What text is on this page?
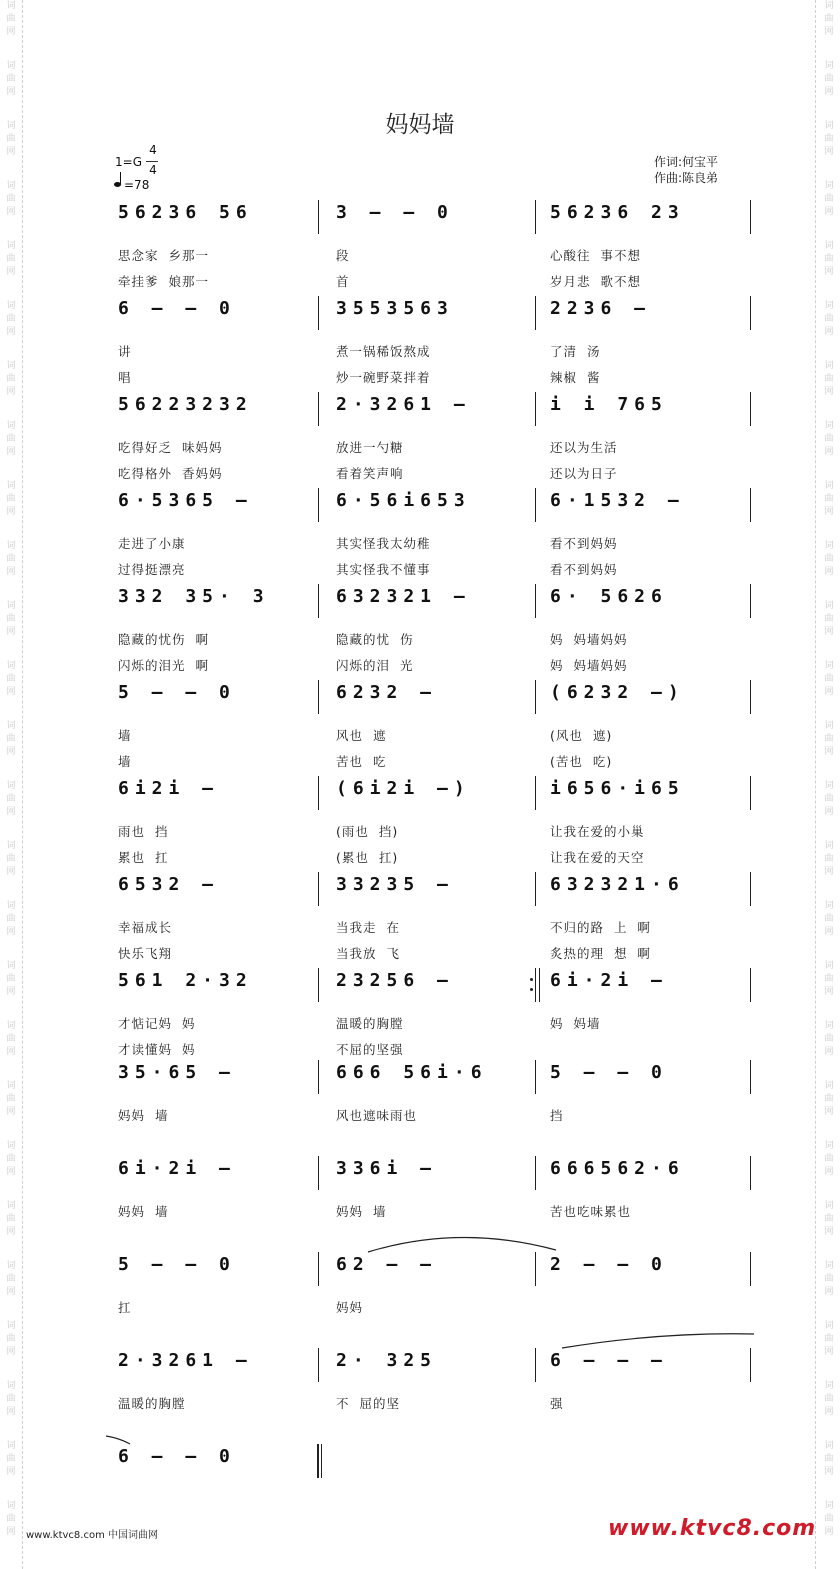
词
曲
网
词
曲
网
词
曲
网
词
曲
网
词
曲
网
词
曲
网
词
曲
网
词
曲
网
词
曲
网
词
曲
网
词
曲
网
词
曲
网
词
曲
网
词
曲
网
词
曲
网
词
曲
网
词
曲
网
词
曲
网
词
曲
网
词
曲
网
词
曲
网
词
曲
网
词
曲
网
词
曲
网
词
曲
网
词
曲
网
词
曲
网
词
曲
网
词
曲
网
词
曲
网
词
曲
网
词
曲
网
词
曲
网
词
曲
网
词
曲
网
词
曲
网
词
曲
网
词
曲
网
词
曲
网
词
曲
网
词
曲
网
词
曲
网
词
曲
网
词
曲
网
词
曲
网
词
曲
网
词
曲
网
词
曲
网
词
曲
网
词
曲
网
词
曲
网
词
曲
网
妈妈墙
1=G
4
4
=78
作词:何宝平
作曲:陈良弟
56236 56
思念家  乡那一
牵挂爹  娘那一
3 – – 0
段
首
56236 23
心酸往  事不想
岁月悲  歌不想
6 – – 0
讲
唱
3553563
煮一锅稀饭熬成
炒一碗野菜拌着
2236 –
了清  汤
辣椒  酱
56223232
吃得好乏  味妈妈
吃得格外  香妈妈
2·3261 –
放进一勺糖
看着笑声响
i i 765
还以为生活
还以为日子
6·5365 –
走进了小康
过得挺漂亮
6·56i653
其实怪我太幼稚
其实怪我不懂事
6·1532 –
看不到妈妈
看不到妈妈
332 35· 3
隐藏的忧伤  啊
闪烁的泪光  啊
632321 –
隐藏的忧  伤
闪烁的泪  光
6· 5626
妈  妈墙妈妈
妈  妈墙妈妈
5 – – 0
墙
墙
6232 –
风也  遮
苦也  吃
(6232 –)
(风也  遮)
(苦也  吃)
6i2i –
雨也  挡
累也  扛
(6i2i –)
(雨也  挡)
(累也  扛)
i656·i65
让我在爱的小巢
让我在爱的天空
6532 –
幸福成长
快乐飞翔
33235 –
当我走  在
当我放  飞
632321·6
不归的路  上  啊
炙热的理  想  啊
561 2·32
才惦记妈  妈
才读懂妈  妈
23256 –
温暖的胸膛
不屈的坚强
6i·2i –
妈  妈墙
35·65 –
妈妈  墙
666 56i·6
风也遮味雨也
5 – – 0
挡
6i·2i –
妈妈  墙
336i –
妈妈  墙
666562·6
苦也吃味累也
5 – – 0
扛
62 – –
妈妈
2 – – 0
2·3261 –
温暖的胸膛
2· 325
不  屈的坚
6 – – –
强
6 – – 0
www.ktvc8.com 中国词曲网	www.ktvc8.com
